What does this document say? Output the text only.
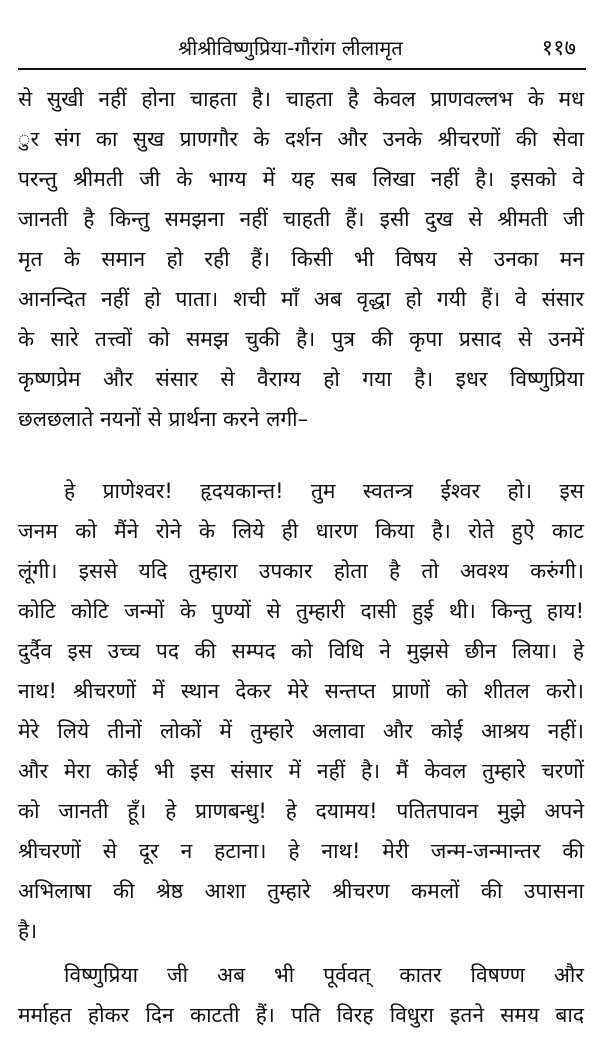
श्रीश्रीविष्णुप्रिया-गौरांग लीलामृत	११७
से सुखी नहीं होना चाहता है। चाहता है केवल प्राणवल्लभ के मध
ुर संग का सुख प्राणगौर के दर्शन और उनके श्रीचरणों की सेवा
परन्तु श्रीमती जी के भाग्य में यह सब लिखा नहीं है। इसको वे
जानती है किन्तु समझना नहीं चाहती हैं। इसी दुख से श्रीमती जी
मृत के समान हो रही हैं। किसी भी विषय से उनका मन
आनन्दित नहीं हो पाता। शची माँ अब वृद्धा हो गयी हैं। वे संसार
के सारे तत्त्वों को समझ चुकी है। पुत्र की कृपा प्रसाद से उनमें
कृष्णप्रेम और संसार से वैराग्य हो गया है। इधर विष्णुप्रिया
छलछलाते नयनों से प्रार्थना करने लगी–
हे प्राणेश्वर! हृदयकान्त! तुम स्वतन्त्र ईश्वर हो। इस
जनम को मैंने रोने के लिये ही धारण किया है। रोते हुऐ काट
लूंगी। इससे यदि तुम्हारा उपकार होता है तो अवश्य करुंगी।
कोटि कोटि जन्मों के पुण्यों से तुम्हारी दासी हुई थी। किन्तु हाय!
दुर्दैव इस उच्च पद की सम्पद को विधि ने मुझसे छीन लिया। हे
नाथ! श्रीचरणों में स्थान देकर मेरे सन्तप्त प्राणों को शीतल करो।
मेरे लिये तीनों लोकों में तुम्हारे अलावा और कोई आश्रय नहीं।
और मेरा कोई भी इस संसार में नहीं है। मैं केवल तुम्हारे चरणों
को जानती हूँ। हे प्राणबन्धु! हे दयामय! पतितपावन मुझे अपने
श्रीचरणों से दूर न हटाना। हे नाथ! मेरी जन्म-जन्मान्तर की
अभिलाषा की श्रेष्ठ आशा तुम्हारे श्रीचरण कमलों की उपासना
है।
विष्णुप्रिया जी अब भी पूर्ववत् कातर विषण्ण और
मर्माहत होकर दिन काटती हैं। पति विरह विधुरा इतने समय बाद
